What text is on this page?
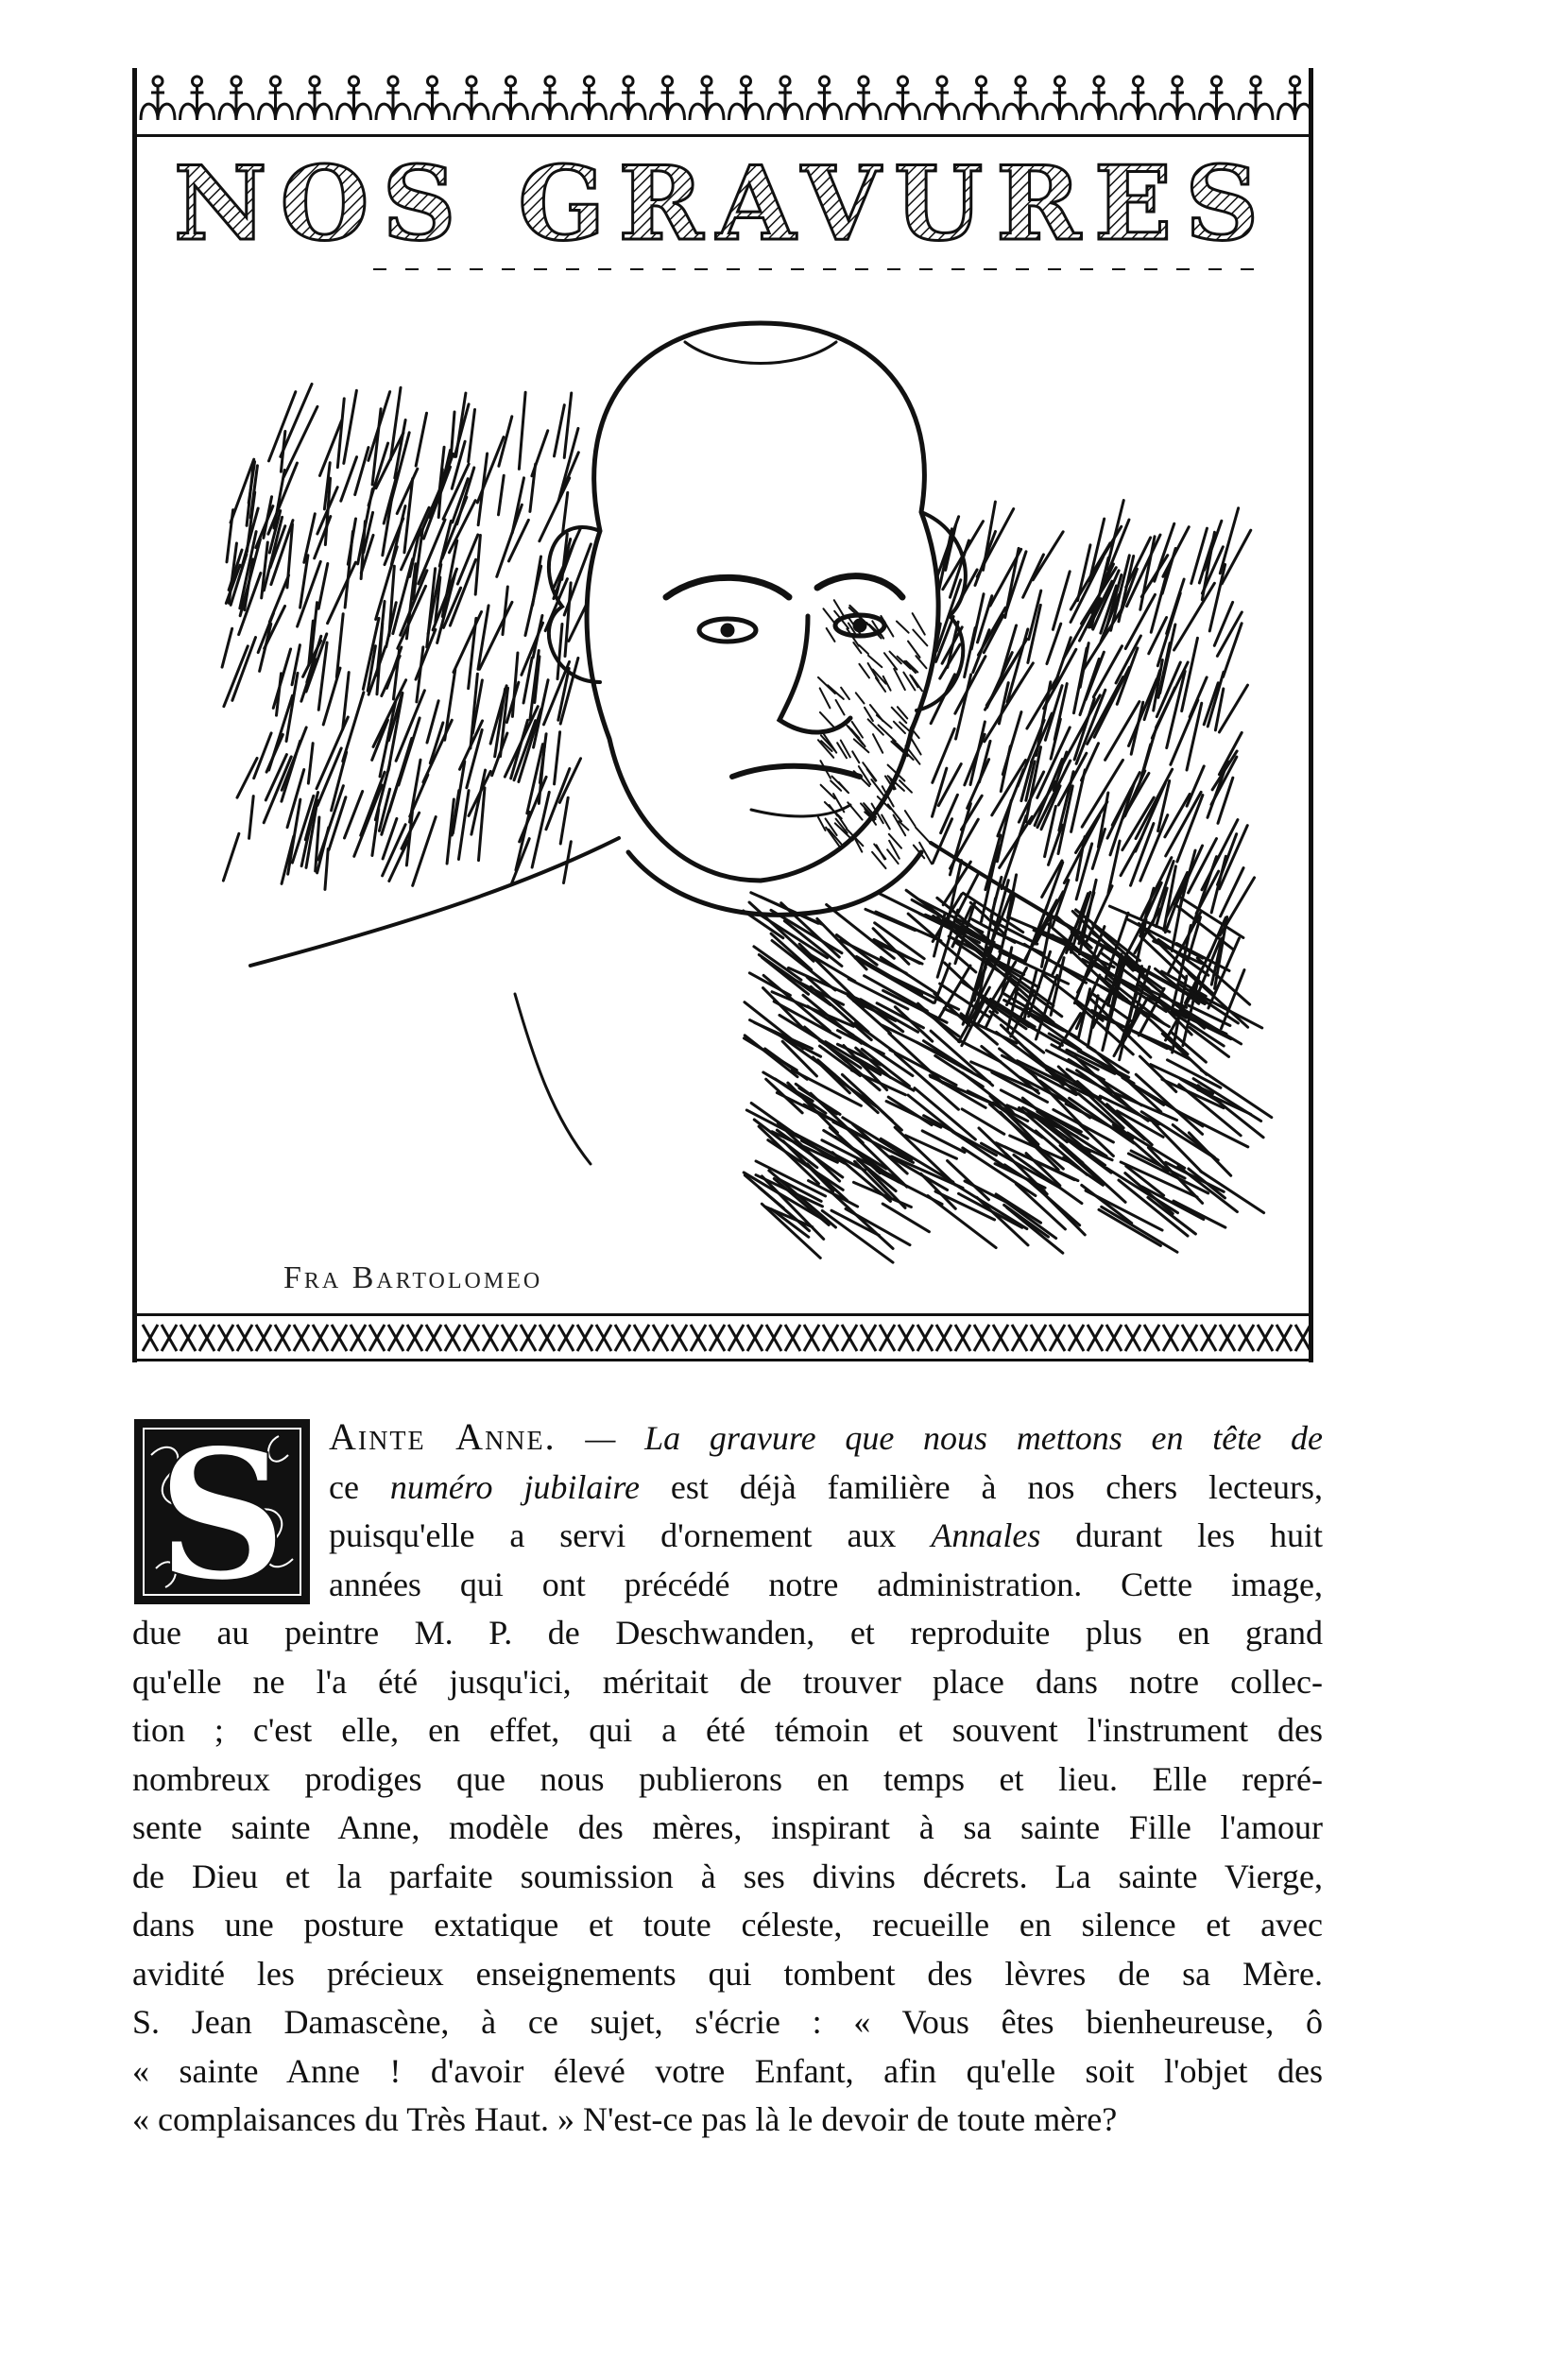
NOS GRAVURES
Fra Bartolomeo
S	Ainte Anne. — La gravure que nous mettons en tête de
ce numéro jubilaire est déjà familière à nos chers lecteurs,
puisqu'elle a servi d'ornement aux Annales durant les huit
années qui ont précédé notre administration. Cette image,
due au peintre M. P. de Deschwanden, et reproduite plus en grand
qu'elle ne l'a été jusqu'ici, méritait de trouver place dans notre collec-
tion ; c'est elle, en effet, qui a été témoin et souvent l'instrument des
nombreux prodiges que nous publierons en temps et lieu. Elle repré-
sente sainte Anne, modèle des mères, inspirant à sa sainte Fille l'amour
de Dieu et la parfaite soumission à ses divins décrets. La sainte Vierge,
dans une posture extatique et toute céleste, recueille en silence et avec
avidité les précieux enseignements qui tombent des lèvres de sa Mère.
S. Jean Damascène, à ce sujet, s'écrie : « Vous êtes bienheureuse, ô
« sainte Anne ! d'avoir élevé votre Enfant, afin qu'elle soit l'objet des
« complaisances du Très Haut. » N'est-ce pas là le devoir de toute mère?
